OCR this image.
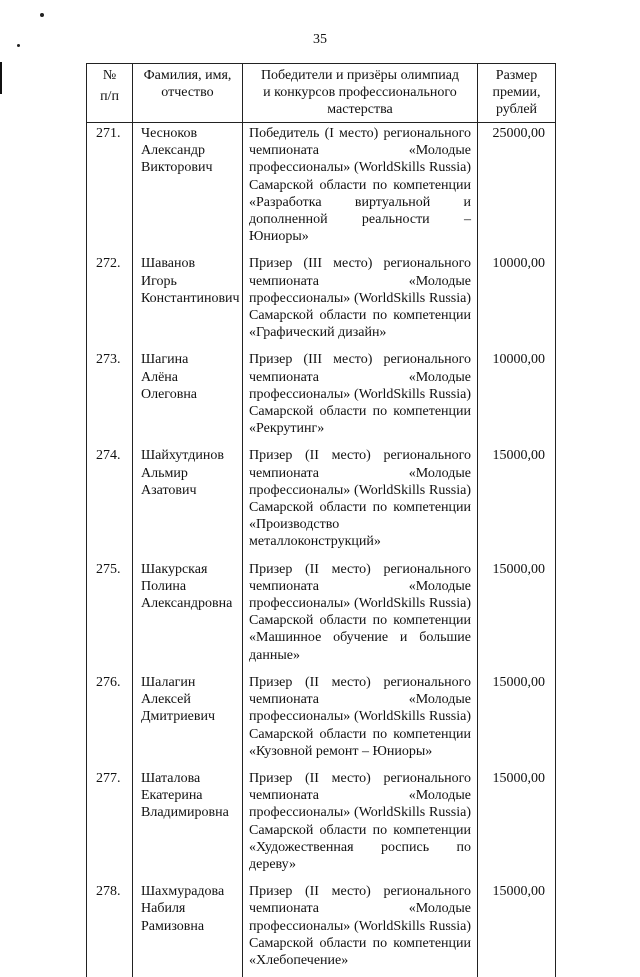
35
№
п/п	Фамилия, имя,
отчество	Победители и призёры олимпиад
и конкурсов профессионального
мастерства	Размер
премии,
рублей

271.	Чесноков
Александр
Викторович	Победитель (I место) регионального чемпионата «Молодые профессионалы» (WorldSkills Russia) Самарской области по компетенции «Разработка виртуальной и дополненной реальности – Юниоры»	25000,00
272.	Шаванов
Игорь
Константинович	Призер (III место) регионального чемпионата «Молодые профессионалы» (WorldSkills Russia) Самарской области по компетенции «Графический дизайн»	10000,00
273.	Шагина
Алёна
Олеговна	Призер (III место) регионального чемпионата «Молодые профессионалы» (WorldSkills Russia) Самарской области по компетенции «Рекрутинг»	10000,00
274.	Шайхутдинов
Альмир
Азатович	Призер (II место) регионального чемпионата «Молодые профессионалы» (WorldSkills Russia) Самарской области по компетенции «Производство металлоконструкций»	15000,00
275.	Шакурская
Полина
Александровна	Призер (II место) регионального чемпионата «Молодые профессионалы» (WorldSkills Russia) Самарской области по компетенции «Машинное обучение и большие данные»	15000,00
276.	Шалагин
Алексей
Дмитриевич	Призер (II место) регионального чемпионата «Молодые профессионалы» (WorldSkills Russia) Самарской области по компетенции «Кузовной ремонт – Юниоры»	15000,00
277.	Шаталова
Екатерина
Владимировна	Призер (II место) регионального чемпионата «Молодые профессионалы» (WorldSkills Russia) Самарской области по компетенции «Художественная роспись по дереву»	15000,00
278.	Шахмурадова
Набиля
Рамизовна	Призер (II место) регионального чемпионата «Молодые профессионалы» (WorldSkills Russia) Самарской области по компетенции «Хлебопечение»	15000,00
